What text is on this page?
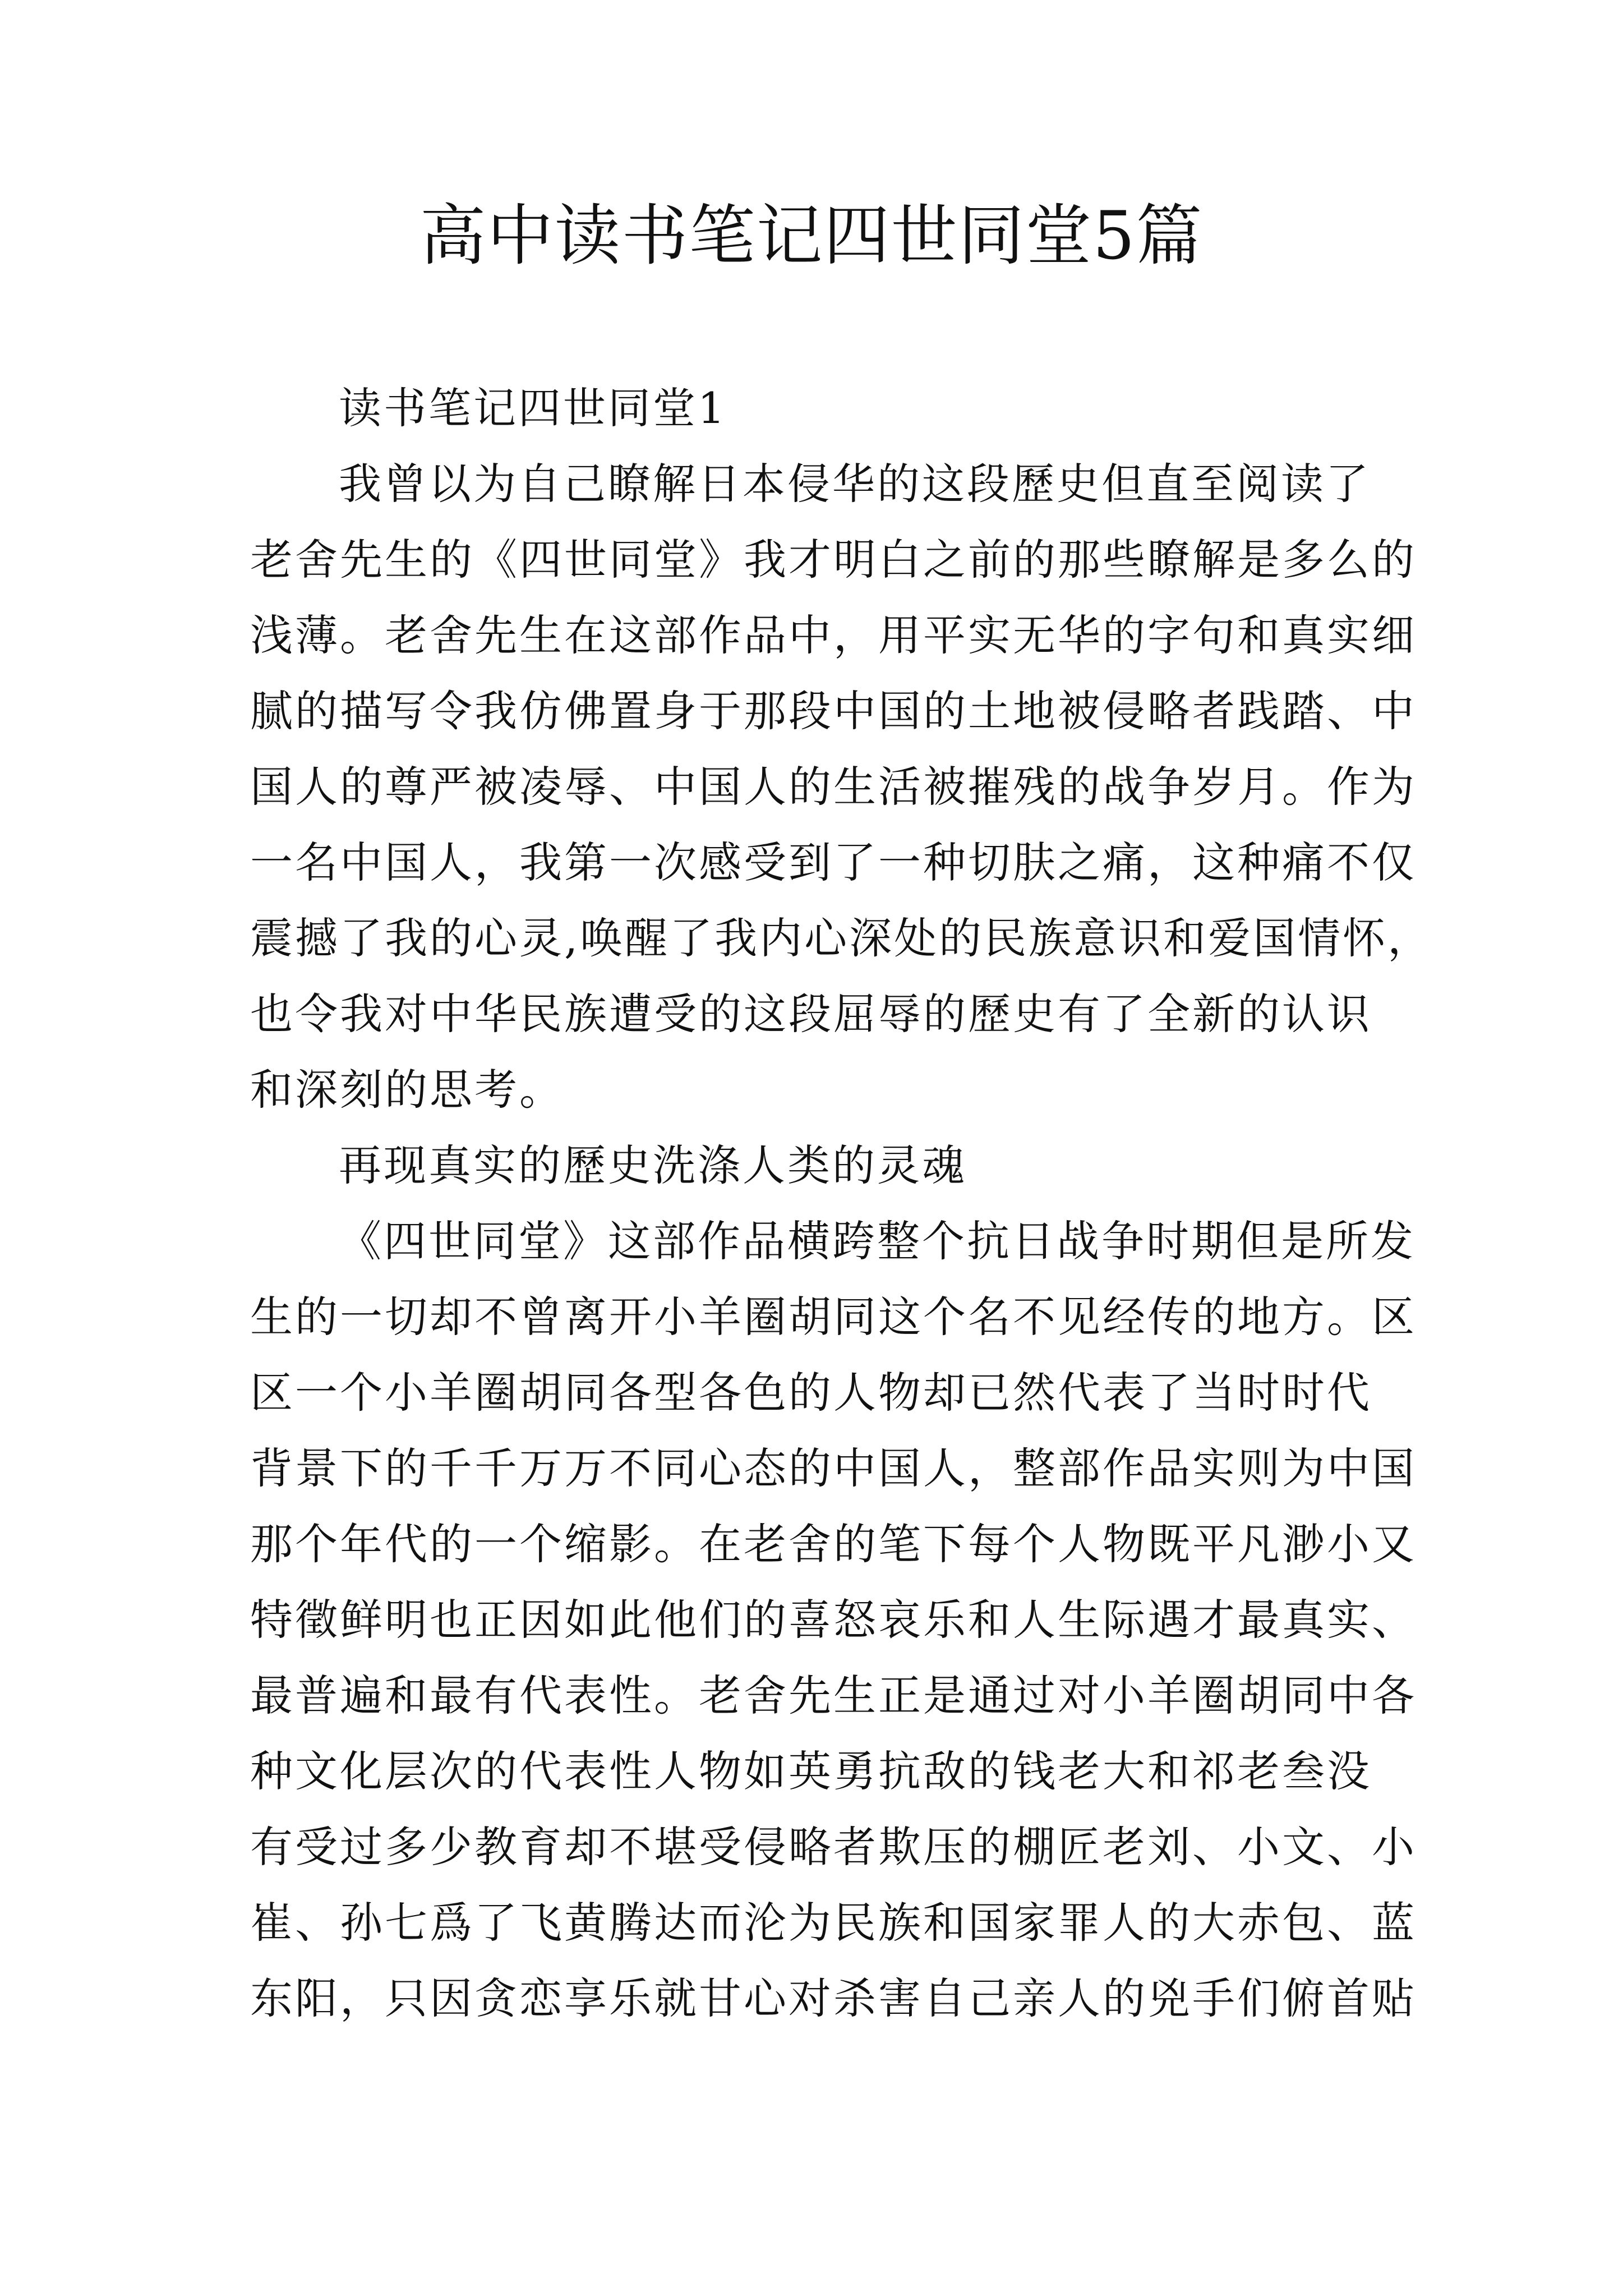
高中读书笔记四世同堂5篇
读书笔记四世同堂1
我曾以为自己瞭解日本侵华的这段歷史但直至阅读了
老舍先生的《四世同堂》我才明白之前的那些瞭解是多么的
浅薄。老舍先生在这部作品中，用平实无华的字句和真实细
腻的描写令我仿佛置身于那段中国的土地被侵略者践踏、中
国人的尊严被凌辱、中国人的生活被摧残的战争岁月。作为
一名中国人，我第一次感受到了一种切肤之痛，这种痛不仅
震撼了我的心灵,唤醒了我内心深处的民族意识和爱国情怀，
也令我对中华民族遭受的这段屈辱的歷史有了全新的认识
和深刻的思考。
再现真实的歷史洗涤人类的灵魂
《四世同堂》这部作品横跨整个抗日战争时期但是所发
生的一切却不曾离开小羊圈胡同这个名不见经传的地方。区
区一个小羊圈胡同各型各色的人物却已然代表了当时时代
背景下的千千万万不同心态的中国人，整部作品实则为中国
那个年代的一个缩影。在老舍的笔下每个人物既平凡渺小又
特徵鲜明也正因如此他们的喜怒哀乐和人生际遇才最真实、
最普遍和最有代表性。老舍先生正是通过对小羊圈胡同中各
种文化层次的代表性人物如英勇抗敌的钱老大和祁老叁没
有受过多少教育却不堪受侵略者欺压的棚匠老刘、小文、小
崔、孙七爲了飞黄腾达而沦为民族和国家罪人的大赤包、蓝
东阳，只因贪恋享乐就甘心对杀害自己亲人的兇手们俯首贴
